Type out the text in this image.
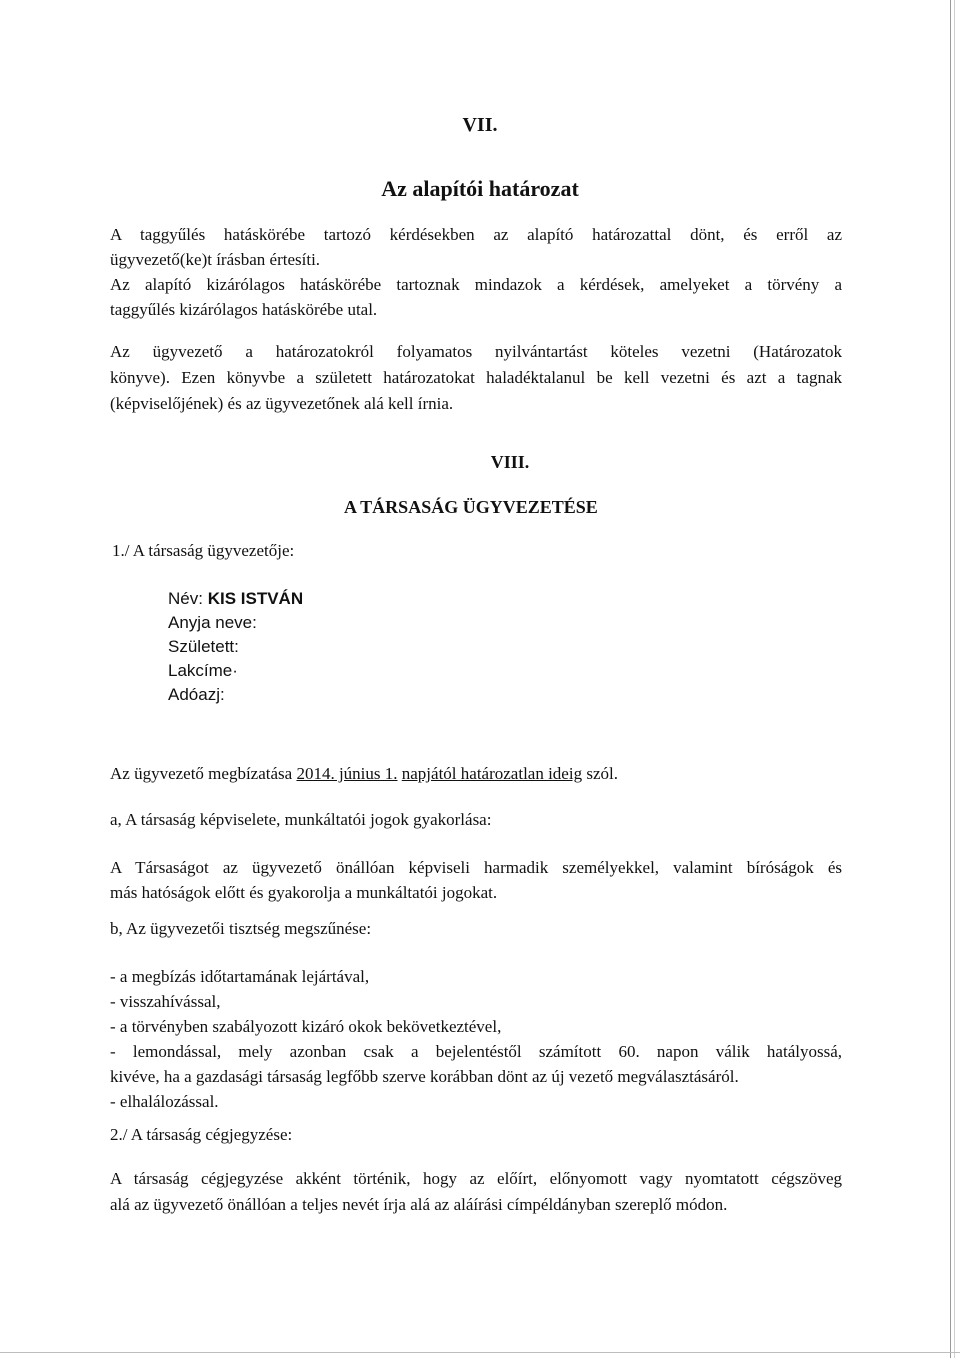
VII.
Az alapítói határozat
A taggyűlés hatáskörébe tartozó kérdésekben az alapító határozattal dönt, és erről az
ügyvezető(ke)t írásban értesíti.
Az alapító kizárólagos hatáskörébe tartoznak mindazok a kérdések, amelyeket a törvény a
taggyűlés kizárólagos hatáskörébe utal.
Az ügyvezető a határozatokról folyamatos nyilvántartást köteles vezetni (Határozatok
könyve). Ezen könyvbe a született határozatokat haladéktalanul be kell vezetni és azt a tagnak
(képviselőjének) és az ügyvezetőnek alá kell írnia.
VIII.
A TÁRSASÁG ÜGYVEZETÉSE
1./ A társaság ügyvezetője:
Név: KIS ISTVÁN
Anyja neve:
Született:
Lakcíme·
Adóazj:
Az ügyvezető megbízatása 2014. június 1. napjától határozatlan ideig szól.
a, A társaság képviselete, munkáltatói jogok gyakorlása:
A Társaságot az ügyvezető önállóan képviseli harmadik személyekkel, valamint bíróságok és
más hatóságok előtt és gyakorolja a munkáltatói jogokat.
b, Az ügyvezetői tisztség megszűnése:
- a megbízás időtartamának lejártával,
- visszahívással,
- a törvényben szabályozott kizáró okok bekövetkeztével,
- lemondással, mely azonban csak a bejelentéstől számított 60. napon válik hatályossá,
kivéve, ha a gazdasági társaság legfőbb szerve korábban dönt az új vezető megválasztásáról.
- elhalálozással.
2./ A társaság cégjegyzése:
A társaság cégjegyzése akként történik, hogy az előírt, előnyomott vagy nyomtatott cégszöveg
alá az ügyvezető önállóan a teljes nevét írja alá az aláírási címpéldányban szereplő módon.
